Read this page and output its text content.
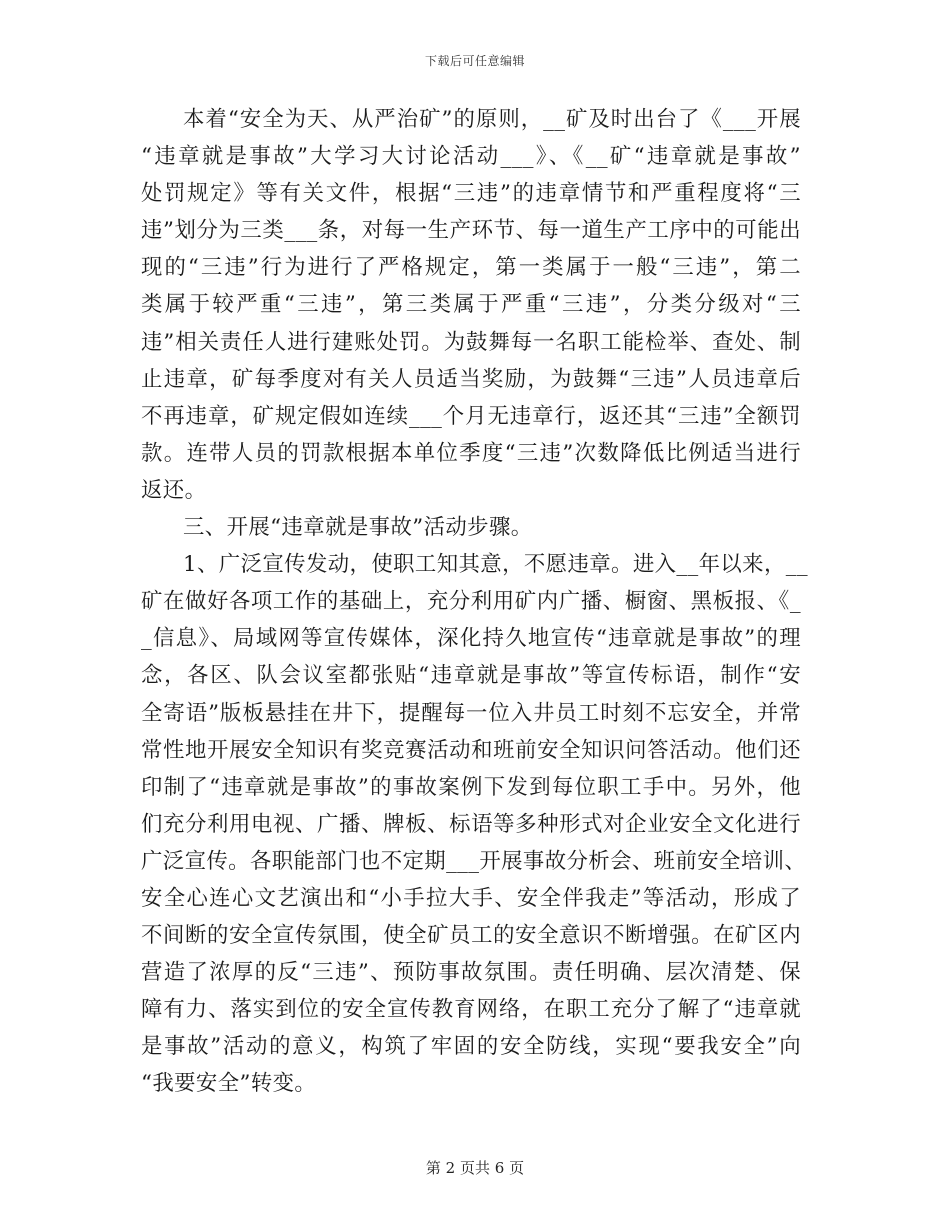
下载后可任意编辑
本着“安全为天、从严治矿”的原则，__矿及时出台了《___开展
“违章就是事故”大学习大讨论活动___》、《__矿“违章就是事故”
处罚规定》等有关文件，根据“三违”的违章情节和严重程度将“三
违”划分为三类___条，对每一生产环节、每一道生产工序中的可能出
现的“三违”行为进行了严格规定，第一类属于一般“三违”，第二
类属于较严重“三违”，第三类属于严重“三违”，分类分级对“三
违”相关责任人进行建账处罚。为鼓舞每一名职工能检举、查处、制
止违章，矿每季度对有关人员适当奖励，为鼓舞“三违”人员违章后
不再违章，矿规定假如连续___个月无违章行，返还其“三违”全额罚
款。连带人员的罚款根据本单位季度“三违”次数降低比例适当进行
返还。
三、开展“违章就是事故”活动步骤。
1、广泛宣传发动，使职工知其意，不愿违章。进入__年以来，__
矿在做好各项工作的基础上，充分利用矿内广播、橱窗、黑板报、《_
_信息》、局域网等宣传媒体，深化持久地宣传“违章就是事故”的理
念，各区、队会议室都张贴“违章就是事故”等宣传标语，制作“安
全寄语”版板悬挂在井下，提醒每一位入井员工时刻不忘安全，并常
常性地开展安全知识有奖竞赛活动和班前安全知识问答活动。他们还
印制了“违章就是事故”的事故案例下发到每位职工手中。另外，他
们充分利用电视、广播、牌板、标语等多种形式对企业安全文化进行
广泛宣传。各职能部门也不定期___开展事故分析会、班前安全培训、
安全心连心文艺演出和“小手拉大手、安全伴我走”等活动，形成了
不间断的安全宣传氛围，使全矿员工的安全意识不断增强。在矿区内
营造了浓厚的反“三违”、预防事故氛围。责任明确、层次清楚、保
障有力、落实到位的安全宣传教育网络，在职工充分了解了“违章就
是事故”活动的意义，构筑了牢固的安全防线，实现“要我安全”向
“我要安全”转变。
第 2 页共 6 页
